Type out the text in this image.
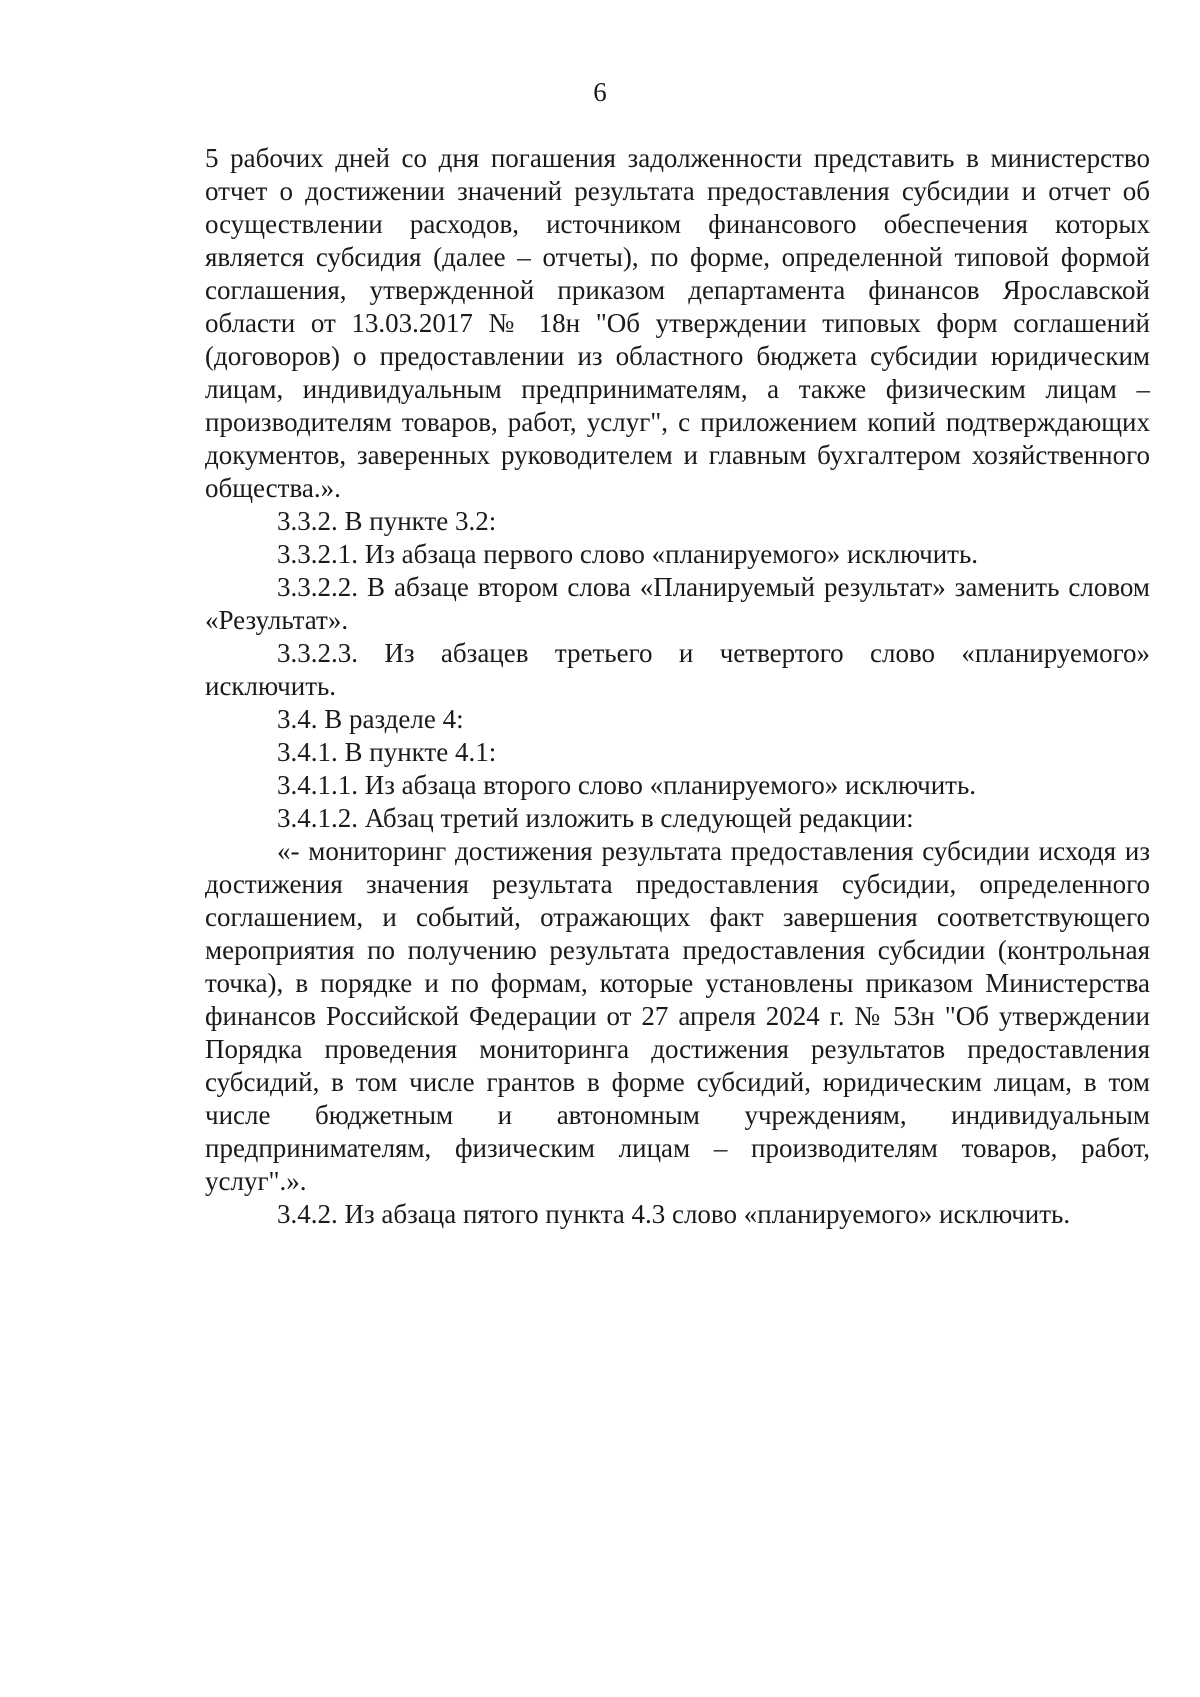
6

5 рабочих дней со дня погашения задолженности представить в министерство отчет о достижении значений результата предоставления субсидии и отчет об осуществлении расходов, источником финансового обеспечения которых является субсидия (далее – отчеты), по форме, определенной типовой формой соглашения, утвержденной приказом департамента финансов Ярославской области от 13.03.2017 № 18н "Об утверждении типовых форм соглашений (договоров) о предоставлении из областного бюджета субсидии юридическим лицам, индивидуальным предпринимателям, а также физическим лицам – производителям товаров, работ, услуг", с приложением копий подтверждающих документов, заверенных руководителем и главным бухгалтером хозяйственного общества.».

3.3.2. В пункте 3.2:

3.3.2.1. Из абзаца первого слово «планируемого» исключить.

3.3.2.2. В абзаце втором слова «Планируемый результат» заменить словом «Результат».

3.3.2.3. Из абзацев третьего и четвертого слово «планируемого» исключить.

3.4. В разделе 4:

3.4.1. В пункте 4.1:

3.4.1.1. Из абзаца второго слово «планируемого» исключить.

3.4.1.2. Абзац третий изложить в следующей редакции:

«- мониторинг достижения результата предоставления субсидии исходя из достижения значения результата предоставления субсидии, определенного соглашением, и событий, отражающих факт завершения соответствующего мероприятия по получению результата предоставления субсидии (контрольная точка), в порядке и по формам, которые установлены приказом Министерства финансов Российской Федерации от 27 апреля 2024 г. № 53н "Об утверждении Порядка проведения мониторинга достижения результатов предоставления субсидий, в том числе грантов в форме субсидий, юридическим лицам, в том числе бюджетным и автономным учреждениям, индивидуальным предпринимателям, физическим лицам – производителям товаров, работ, услуг".».

3.4.2. Из абзаца пятого пункта 4.3 слово «планируемого» исключить.
